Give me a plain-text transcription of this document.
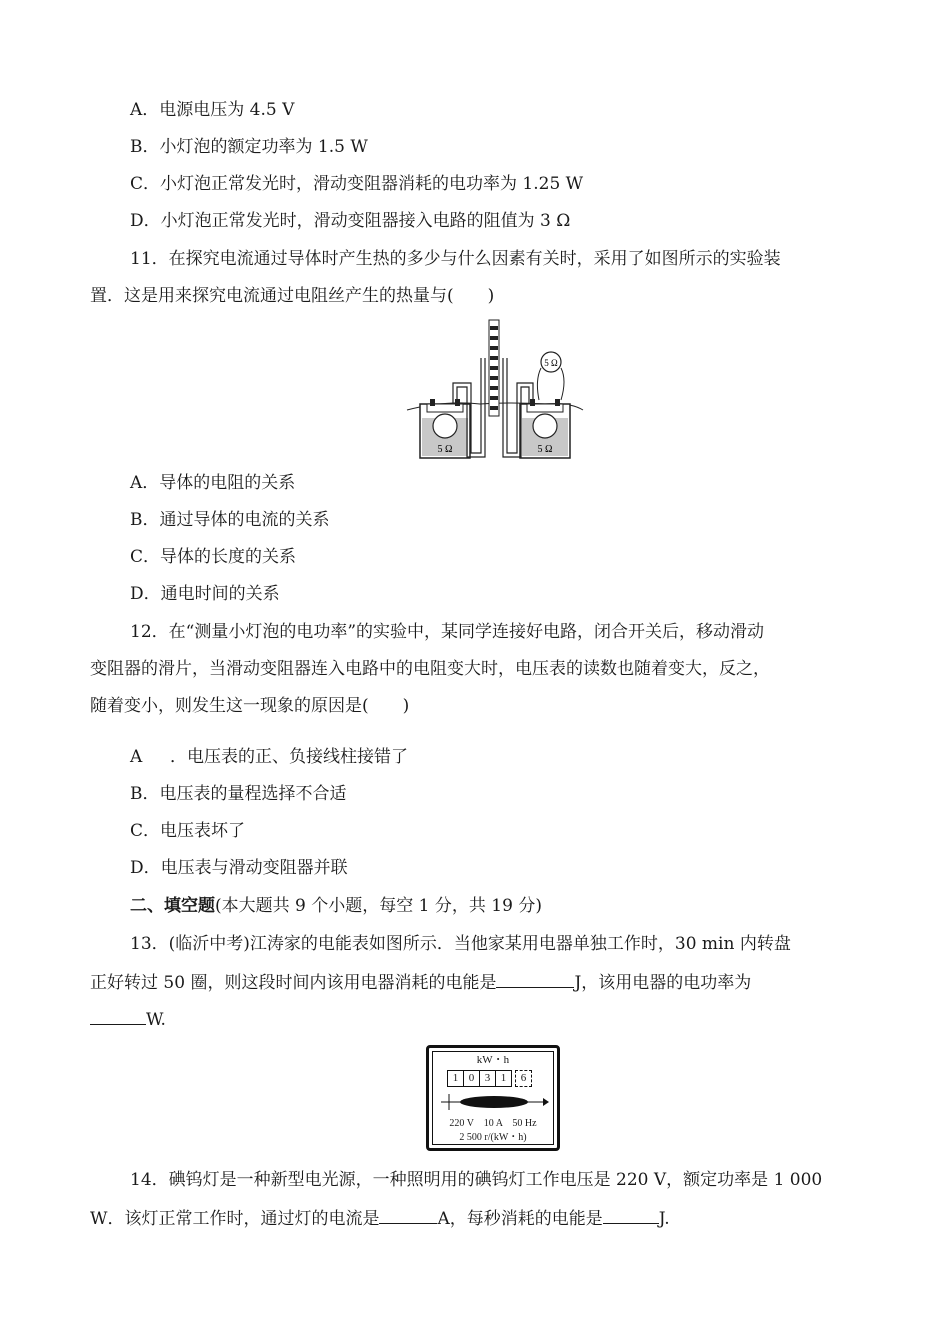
A．电源电压为 4.5 V
B．小灯泡的额定功率为 1.5 W
C．小灯泡正常发光时，滑动变阻器消耗的电功率为 1.25 W
D．小灯泡正常发光时，滑动变阻器接入电路的阻值为 3 Ω
11．在探究电流通过导体时产生热的多少与什么因素有关时，采用了如图所示的实验装
置．这是用来探究电流通过电阻丝产生的热量与(　　)
5 Ω	5 Ω
5 Ω
A．导体的电阻的关系
B．通过导体的电流的关系
C．导体的长度的关系
D．通电时间的关系
12．在“测量小灯泡的电功率”的实验中，某同学连接好电路，闭合开关后，移动滑动
变阻器的滑片，当滑动变阻器连入电路中的电阻变大时，电压表的读数也随着变大，反之，
随着变小，则发生这一现象的原因是(　　)
A ．电压表的正、负接线柱接错了
B．电压表的量程选择不合适
C．电压表坏了
D．电压表与滑动变阻器并联
二、填空题(本大题共 9 个小题，每空 1 分，共 19 分)
13．(临沂中考)江涛家的电能表如图所示．当他家某用电器单独工作时，30 min 内转盘
正好转过 50 圈，则这段时间内该用电器消耗的电能是	J，该用电器的电功率为
W.
kW・h
1 0 3 1	6
220 V　10 A　50 Hz
2 500 r/(kW・h)
14．碘钨灯是一种新型电光源，一种照明用的碘钨灯工作电压是 220 V，额定功率是 1 000
W．该灯正常工作时，通过灯的电流是	A，每秒消耗的电能是	J.
